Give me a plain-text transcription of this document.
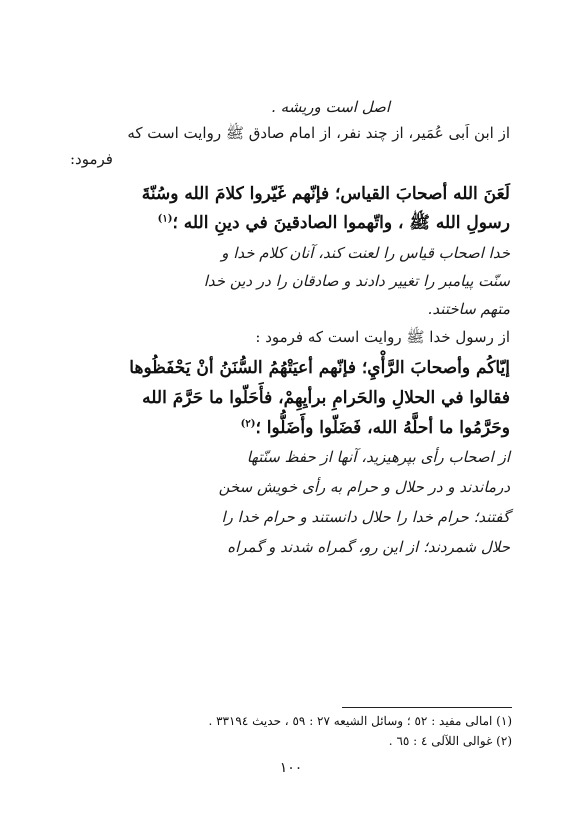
اصل است وریشه .
از ابن اَبی عُمَیر، از چند نفر، از امام صادق ﷺ روایت است که
فرمود:
لَعَنَ الله أصحابَ القياس؛ فإنّهم غَيّروا كلامَ الله وسُنّةَ
رسولِ الله ﷺ ، واتّهموا الصادقينَ في دينِ الله ؛$^{(١)}$
خدا اصحاب قیاس را لعنت کند، آنان کلام خدا و
سنّت پیامبر را تغییر دادند و صادقان را در دین خدا
متهم ساختند.
از رسول خدا ﷺ روایت است که فرمود :
إيّاكُم وأصحابَ الرَّأْيِ؛ فإنّهم أعيَتْهُمُ السُّنَنُ أنْ يَحْفَظُوها
فقالوا في الحلالِ والحَرامِ برأيِهِمْ، فأَحَلّوا ما حَرَّمَ الله
وحَرَّمُوا ما أحلَّهُ الله، فَضَلّوا وأَضَلُّوا ؛$^{(٢)}$
از اصحاب رأی بپرهیزید، آنها از حفظ سنّتها
درماندند و در حلال و حرام به رأی خویش سخن
گفتند؛ حرام خدا را حلال دانستند و حرام خدا را
حلال شمردند؛ از این رو، گمراه شدند و گمراه
(١) امالی مفید : ٥٢ ؛ وسائل الشیعه ٢٧ : ٥٩ ، حدیث ٣٣١٩٤ .
(٢) غوالی اللآلی ٤ : ٦٥ .
١٠٠
